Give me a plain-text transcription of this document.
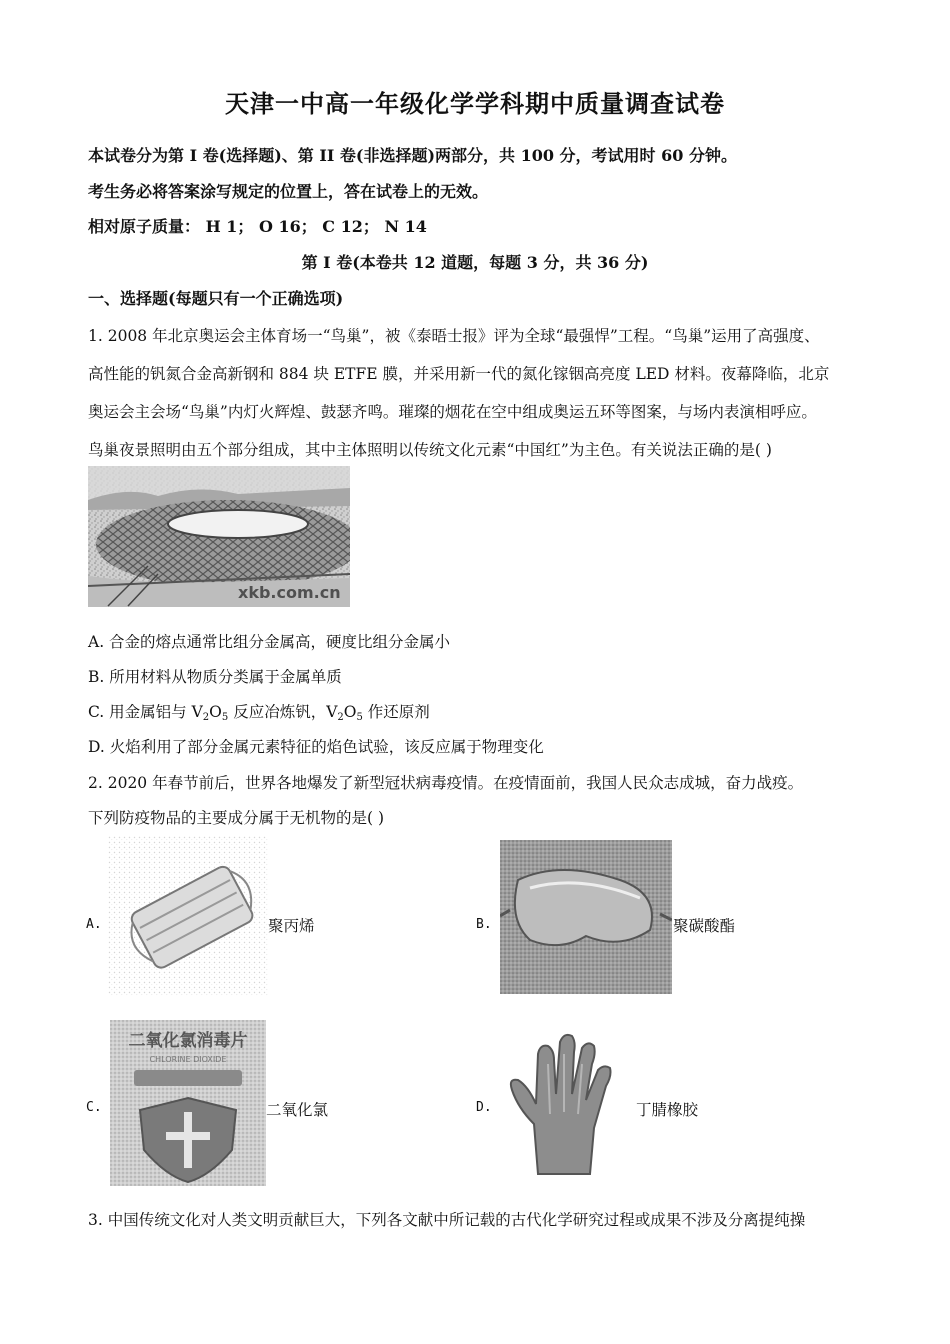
天津一中高一年级化学学科期中质量调查试卷
本试卷分为第 I 卷(选择题)、第 II 卷(非选择题)两部分，共 100 分，考试用时 60 分钟。
考生务必将答案涂写规定的位置上，答在试卷上的无效。
相对原子质量： H 1； O 16； C 12； N 14
第 I 卷(本卷共 12 道题，每题 3 分，共 36 分)
一、选择题(每题只有一个正确选项)
1. 2008 年北京奥运会主体育场一“鸟巢”，被《泰晤士报》评为全球“最强悍”工程。“鸟巢”运用了高强度、
高性能的钒氮合金高新钢和 884 块 ETFE 膜，并采用新一代的氮化镓铟高亮度 LED 材料。夜幕降临，北京
奥运会主会场“鸟巢”内灯火辉煌、鼓瑟齐鸣。璀璨的烟花在空中组成奥运五环等图案，与场内表演相呼应。
鸟巢夜景照明由五个部分组成，其中主体照明以传统文化元素“中国红”为主色。有关说法正确的是( )
xkb.com.cn
A. 合金的熔点通常比组分金属高，硬度比组分金属小
B. 所用材料从物质分类属于金属单质
C. 用金属铝与 $V_2O_5$ 反应冶炼钒，$V_2O_5$ 作还原剂
D. 火焰利用了部分金属元素特征的焰色试验，该反应属于物理变化
2. 2020 年春节前后，世界各地爆发了新型冠状病毒疫情。在疫情面前，我国人民众志成城，奋力战疫。
下列防疫物品的主要成分属于无机物的是( )
A.	聚丙烯	B.	聚碳酸酯
C.
二氧化氯消毒片
CHLORINE DIOXIDE
二氧化氯	D.	丁腈橡胶
3. 中国传统文化对人类文明贡献巨大，下列各文献中所记载的古代化学研究过程或成果不涉及分离提纯操
